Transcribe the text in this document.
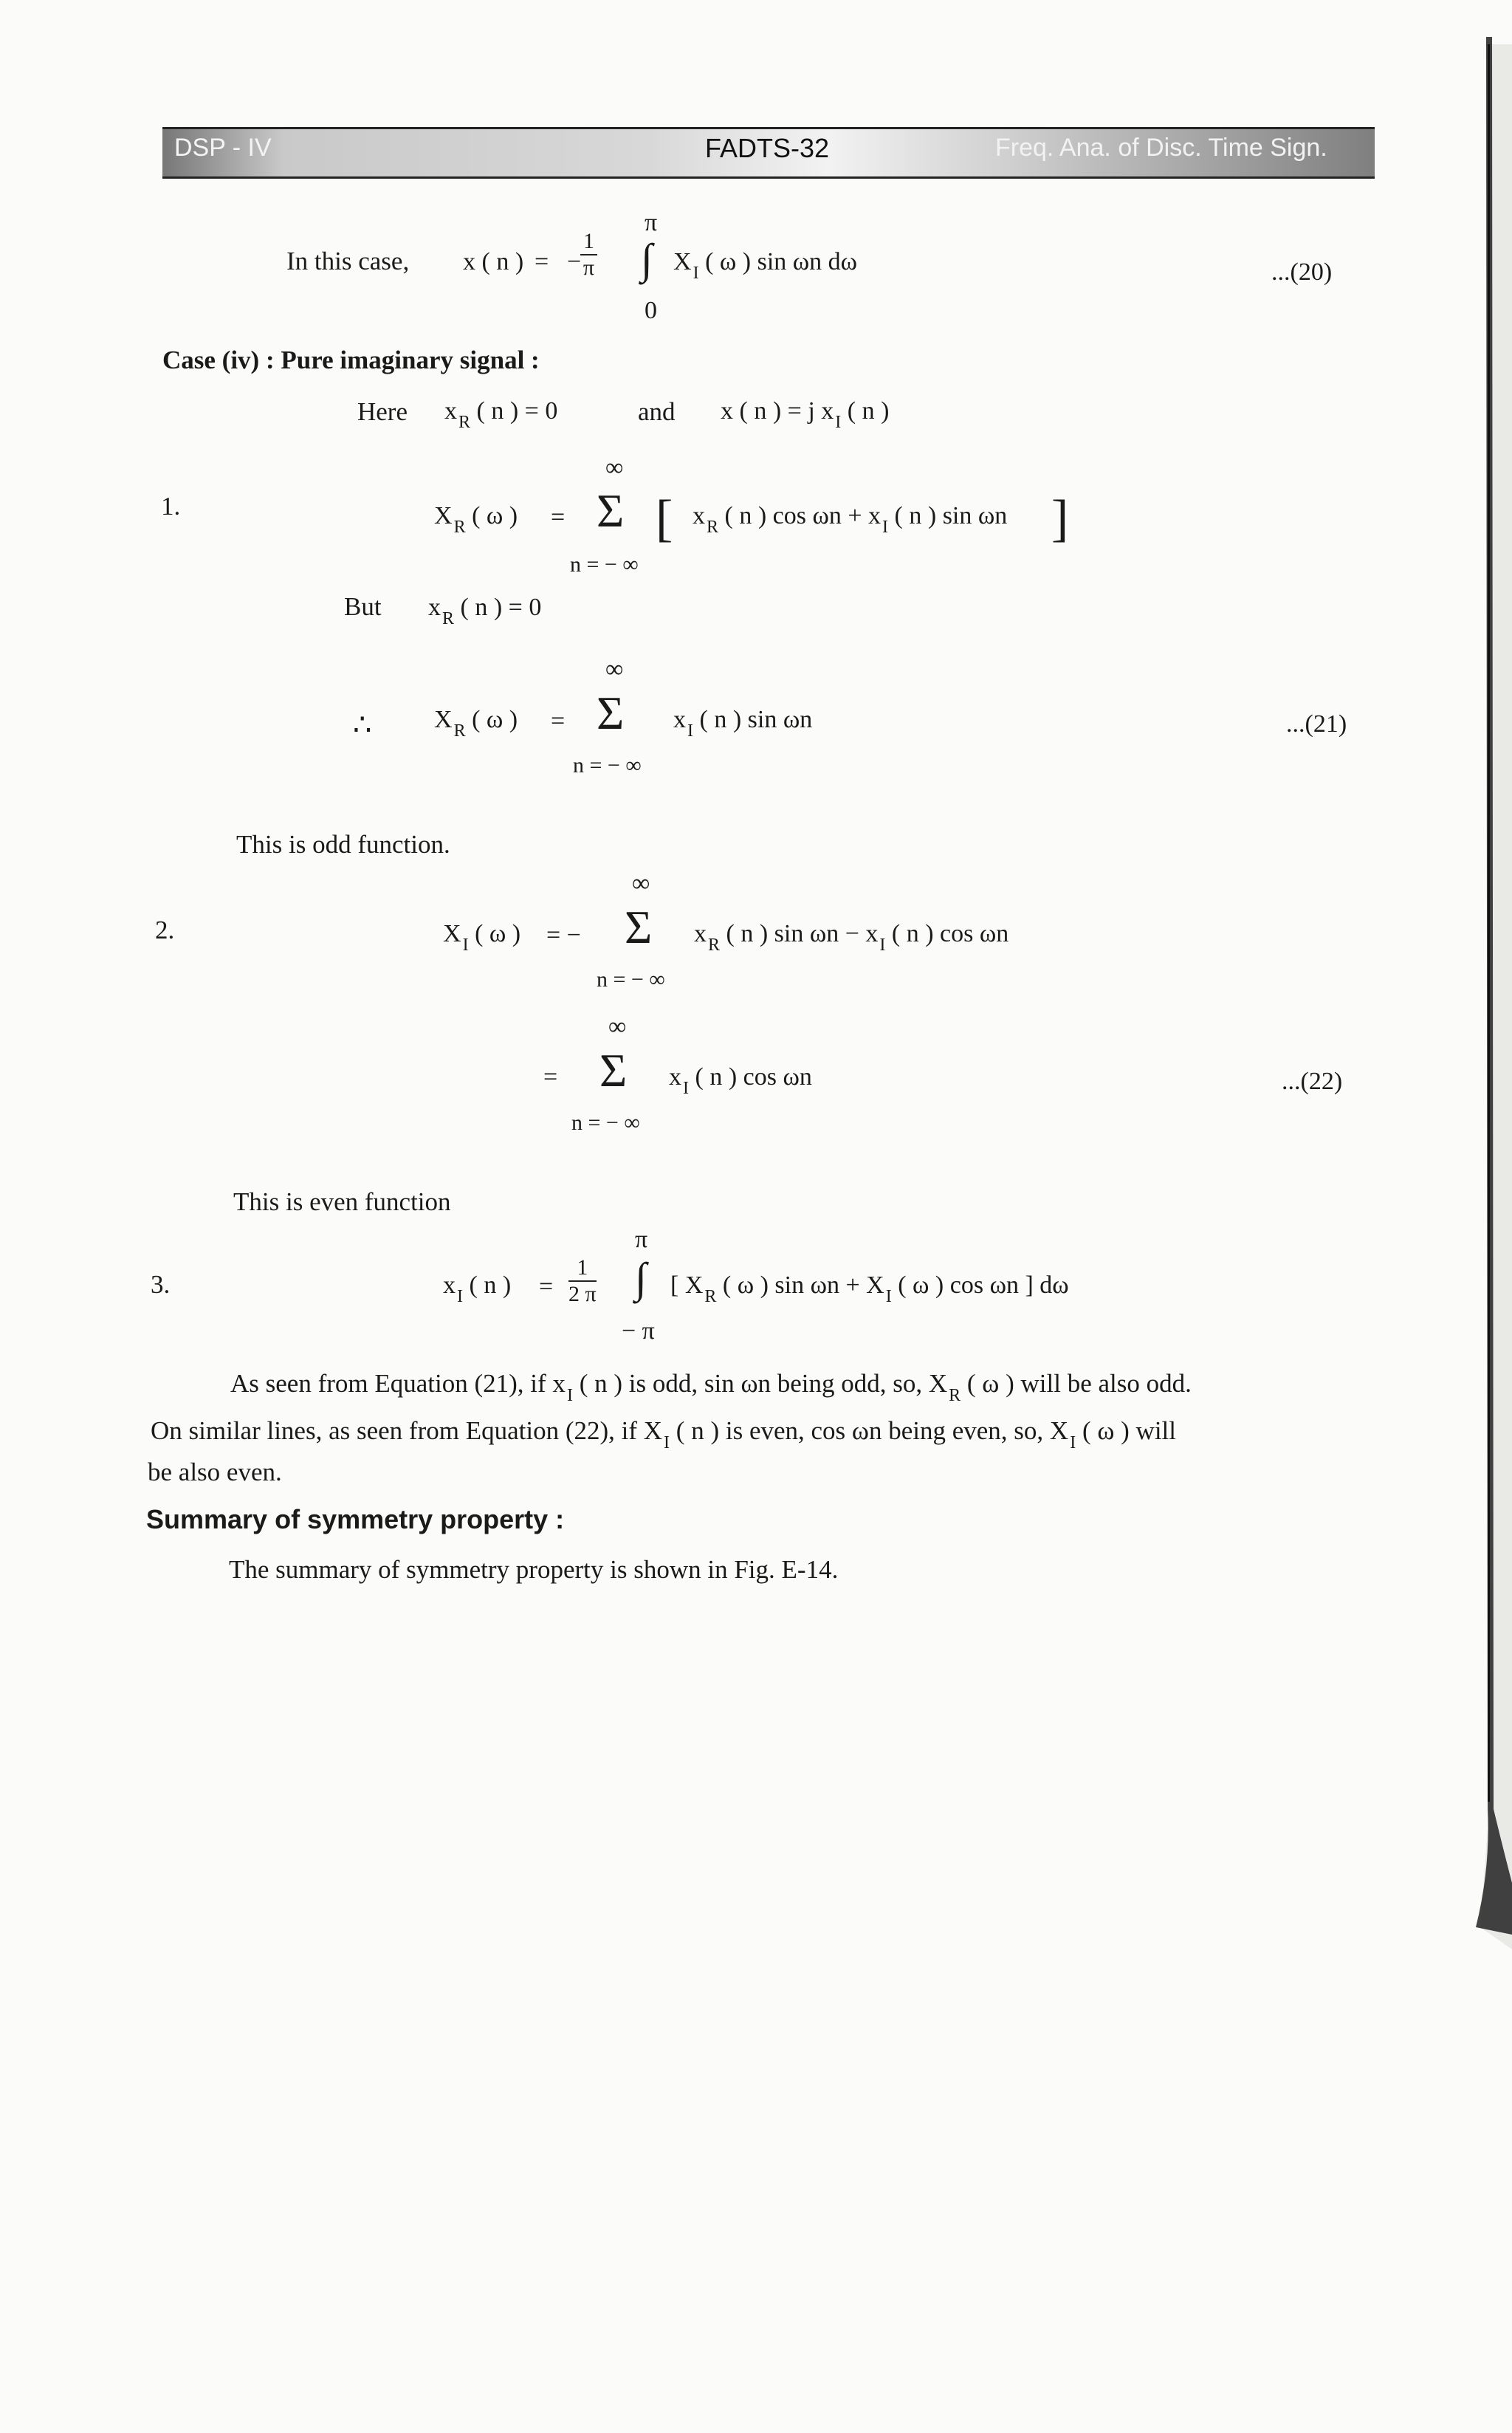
DSP - IV	FADTS-32	Freq. Ana. of Disc. Time Sign.
In this case, x ( n ) = −
$\frac{1}{\pi}$
π
∫
0
$X_I$ ( ω ) sin ωn dω	...(20)
Case (iv) : Pure imaginary signal :
Here $x_R$ ( n ) = 0	and x ( n ) = j $x_I$ ( n )
1.	$X_R$ ( ω ) =
∞
Σ
n = − ∞
[ $x_R$ ( n ) $\cos \omega n + x_I$ ( n ) sin ωn ]
But $x_R$ ( n ) = 0
∴ $X_R$ ( ω ) =
∞
Σ
n = − ∞
$x_I$ ( n ) sin ωn	...(21)
This is odd function.
2.	$X_I$ ( ω ) = −
∞
Σ
n = − ∞
$x_R$ ( n ) $\sin \omega n - x_I$ ( n ) cos ωn
=
∞
Σ
n = − ∞
$x_I$ ( n ) cos ωn	...(22)
This is even function
3.	$x_I$ ( n ) = $\frac{1}{2 \pi}$
π
∫
− π
[ $X_R$ ( ω ) $\sin \omega n + X_I$ ( ω ) cos ωn ] dω
As seen from Equation (21), if $x_I$ ( n ) is odd, sin ωn being odd, so, $X_R$ ( ω ) will be also odd.
On similar lines, as seen from Equation (22), if $X_I$ ( n ) is even, cos ωn being even, so, $X_I$ ( ω ) will
be also even.
Summary of symmetry property :
The summary of symmetry property is shown in Fig. E-14.
